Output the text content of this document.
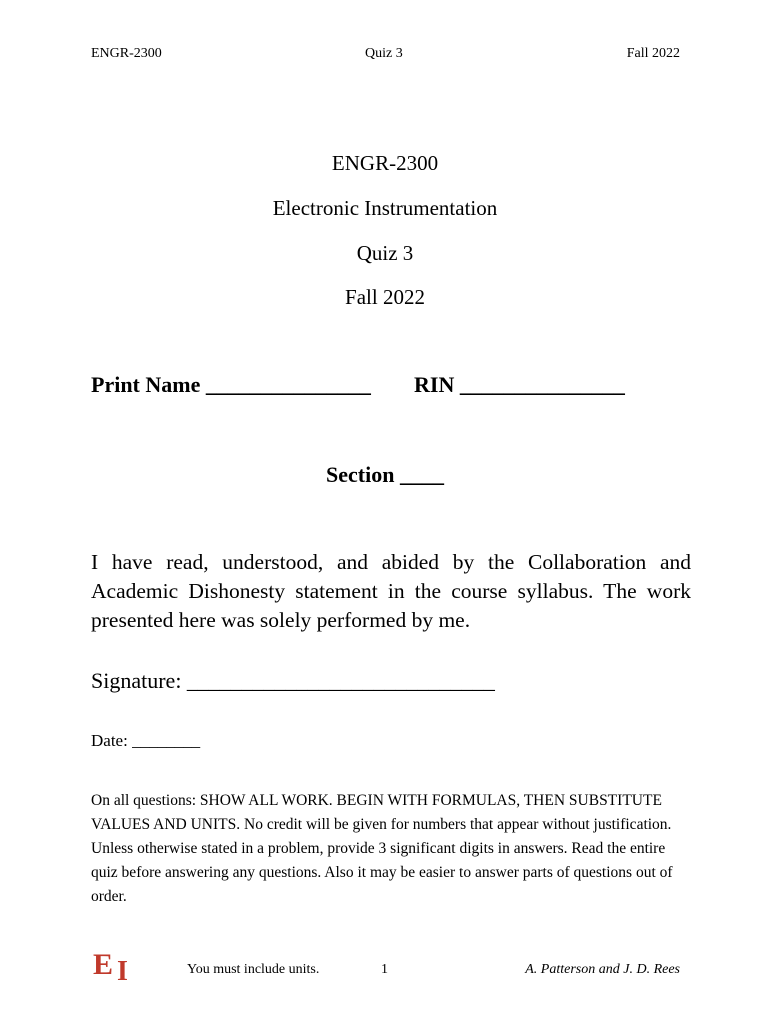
ENGR-2300	Quiz 3	Fall 2022
ENGR-2300
Electronic Instrumentation
Quiz 3
Fall 2022
Print Name _______________ RIN _______________
Section ____
I have read, understood, and abided by the Collaboration and Academic Dishonesty statement in the course syllabus. The work presented here was solely performed by me.
Signature: ____________________________
Date: ________
On all questions: SHOW ALL WORK. BEGIN WITH FORMULAS, THEN SUBSTITUTE VALUES AND UNITS. No credit will be given for numbers that appear without justification. Unless otherwise stated in a problem, provide 3 significant digits in answers. Read the entire quiz before answering any questions. Also it may be easier to answer parts of questions out of order.
E I	You must include units.	1	A. Patterson and J. D. Rees
